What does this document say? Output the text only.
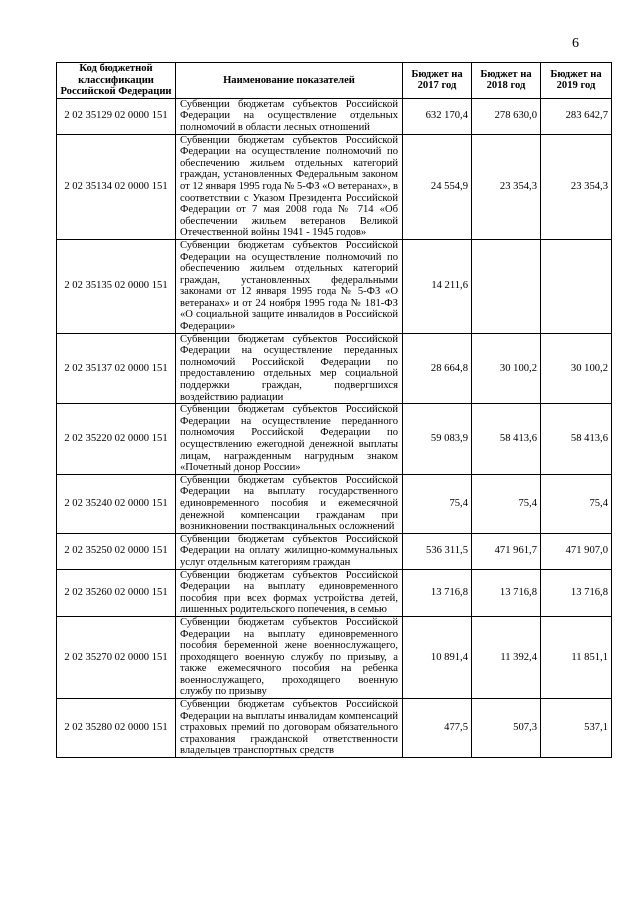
6
Код бюджетной классификации Российской Федерации	Наименование показателей	Бюджет на 2017 год	Бюджет на 2018 год	Бюджет на 2019 год
2 02 35129 02 0000 151	Субвенции бюджетам субъектов Российской Федерации на осуществление отдельных полномочий в области лесных отношений	632 170,4	278 630,0	283 642,7
2 02 35134 02 0000 151	Субвенции бюджетам субъектов Российской Федерации на осуществление полномочий по обеспечению жильем отдельных категорий граждан, установленных Федеральным законом от 12 января 1995 года № 5-ФЗ «О ветеранах», в соответствии с Указом Президента Российской Федерации от 7 мая 2008 года № 714 «Об обеспечении жильем ветеранов Великой Отечественной войны 1941 - 1945 годов»	24 554,9	23 354,3	23 354,3
2 02 35135 02 0000 151	Субвенции бюджетам субъектов Российской Федерации на осуществление полномочий по обеспечению жильем отдельных категорий граждан, установленных федеральными законами от 12 января 1995 года № 5-ФЗ «О ветеранах» и от 24 ноября 1995 года № 181-ФЗ «О социальной защите инвалидов в Российской Федерации»	14 211,6		
2 02 35137 02 0000 151	Субвенции бюджетам субъектов Российской Федерации на осуществление переданных полномочий Российской Федерации по предоставлению отдельных мер социальной поддержки граждан, подвергшихся воздействию радиации	28 664,8	30 100,2	30 100,2
2 02 35220 02 0000 151	Субвенции бюджетам субъектов Российской Федерации на осуществление переданного полномочия Российской Федерации по осуществлению ежегодной денежной выплаты лицам, награжденным нагрудным знаком «Почетный донор России»	59 083,9	58 413,6	58 413,6
2 02 35240 02 0000 151	Субвенции бюджетам субъектов Российской Федерации на выплату государственного единовременного пособия и ежемесячной денежной компенсации гражданам при возникновении поствакцинальных осложнений	75,4	75,4	75,4
2 02 35250 02 0000 151	Субвенции бюджетам субъектов Российской Федерации на оплату жилищно-коммунальных услуг отдельным категориям граждан	536 311,5	471 961,7	471 907,0
2 02 35260 02 0000 151	Субвенции бюджетам субъектов Российской Федерации на выплату единовременного пособия при всех формах устройства детей, лишенных родительского попечения, в семью	13 716,8	13 716,8	13 716,8
2 02 35270 02 0000 151	Субвенции бюджетам субъектов Российской Федерации на выплату единовременного пособия беременной жене военнослужащего, проходящего военную службу по призыву, а также ежемесячного пособия на ребенка военнослужащего, проходящего военную службу по призыву	10 891,4	11 392,4	11 851,1
2 02 35280 02 0000 151	Субвенции бюджетам субъектов Российской Федерации на выплаты инвалидам компенсаций страховых премий по договорам обязательного страхования гражданской ответственности владельцев транспортных средств	477,5	507,3	537,1
